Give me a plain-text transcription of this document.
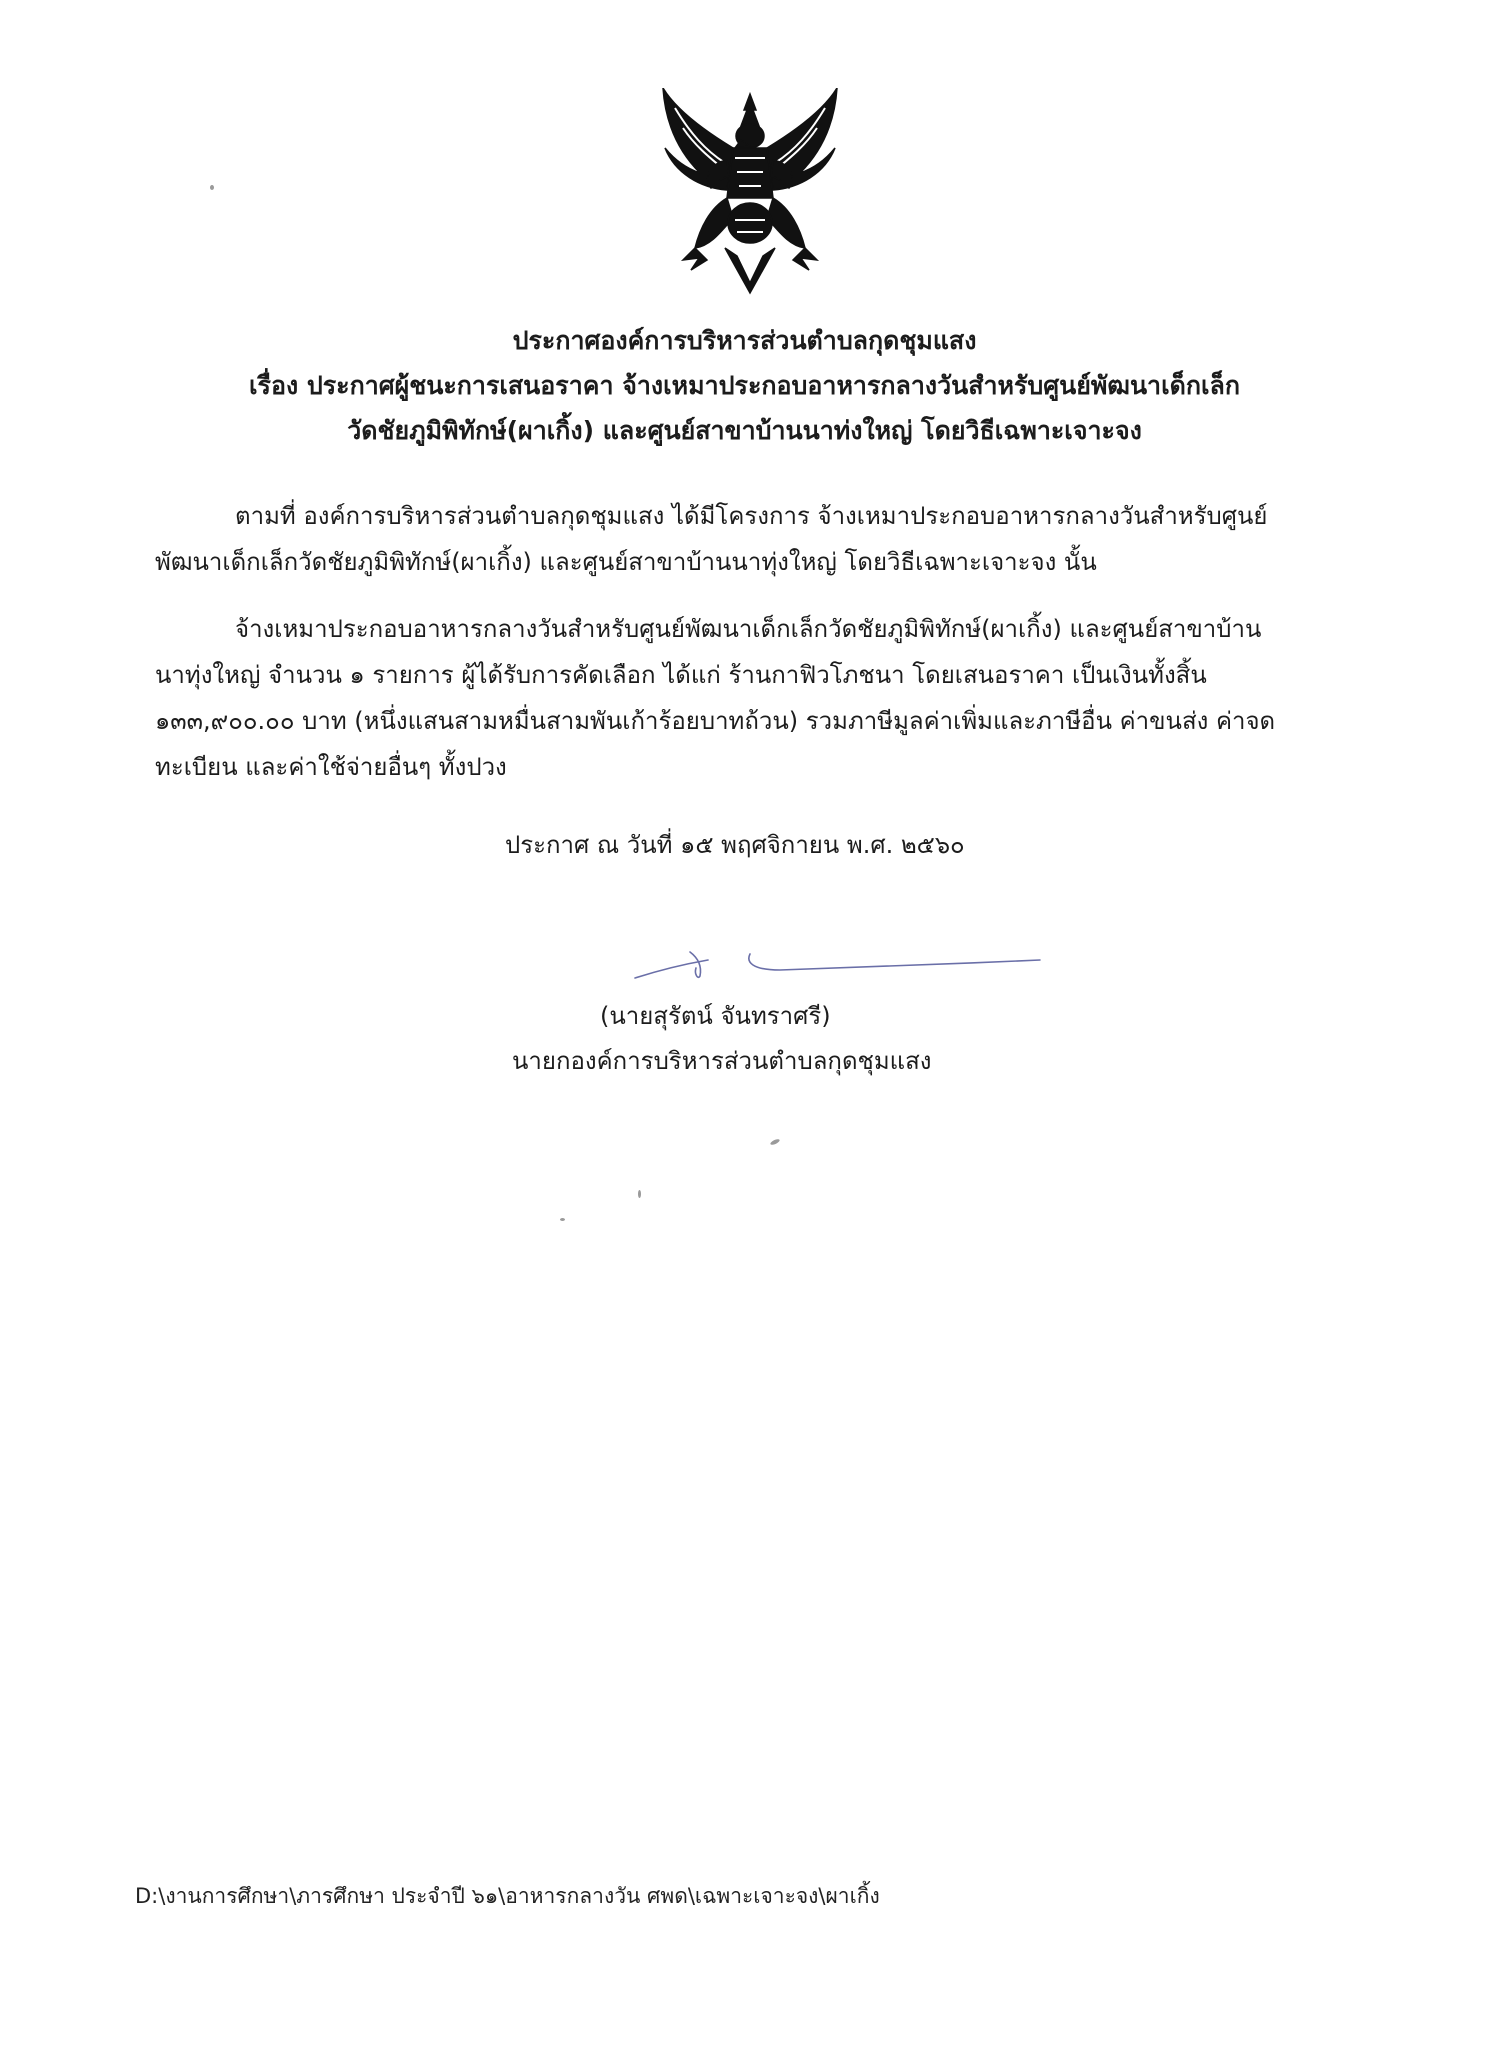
ประกาศองค์การบริหารส่วนตำบลกุดชุมแสง
เรื่อง ประกาศผู้ชนะการเสนอราคา จ้างเหมาประกอบอาหารกลางวันสำหรับศูนย์พัฒนาเด็กเล็ก
วัดชัยภูมิพิทักษ์(ผาเกิ้ง) และศูนย์สาขาบ้านนาท่งใหญ่ โดยวิธีเฉพาะเจาะจง
ตามที่ องค์การบริหารส่วนตำบลกุดชุมแสง ได้มีโครงการ จ้างเหมาประกอบอาหารกลางวันสำหรับศูนย์
พัฒนาเด็กเล็กวัดชัยภูมิพิทักษ์(ผาเกิ้ง) และศูนย์สาขาบ้านนาทุ่งใหญ่ โดยวิธีเฉพาะเจาะจง นั้น
จ้างเหมาประกอบอาหารกลางวันสำหรับศูนย์พัฒนาเด็กเล็กวัดชัยภูมิพิทักษ์(ผาเกิ้ง) และศูนย์สาขาบ้าน
นาทุ่งใหญ่ จำนวน ๑ รายการ ผู้ได้รับการคัดเลือก ได้แก่ ร้านกาฟิวโภชนา โดยเสนอราคา เป็นเงินทั้งสิ้น
๑๓๓,๙๐๐.๐๐ บาท (หนึ่งแสนสามหมื่นสามพันเก้าร้อยบาทถ้วน) รวมภาษีมูลค่าเพิ่มและภาษีอื่น ค่าขนส่ง ค่าจด
ทะเบียน และค่าใช้จ่ายอื่นๆ ทั้งปวง
ประกาศ ณ วันที่ ๑๕ พฤศจิกายน พ.ศ. ๒๕๖๐
(นายสุรัตน์ จันทราศรี)
นายกองค์การบริหารส่วนตำบลกุดชุมแสง
D:\งานการศึกษา\ภารศึกษา ประจำปี ๖๑\อาหารกลางวัน ศพด\เฉพาะเจาะจง\ผาเกิ้ง
